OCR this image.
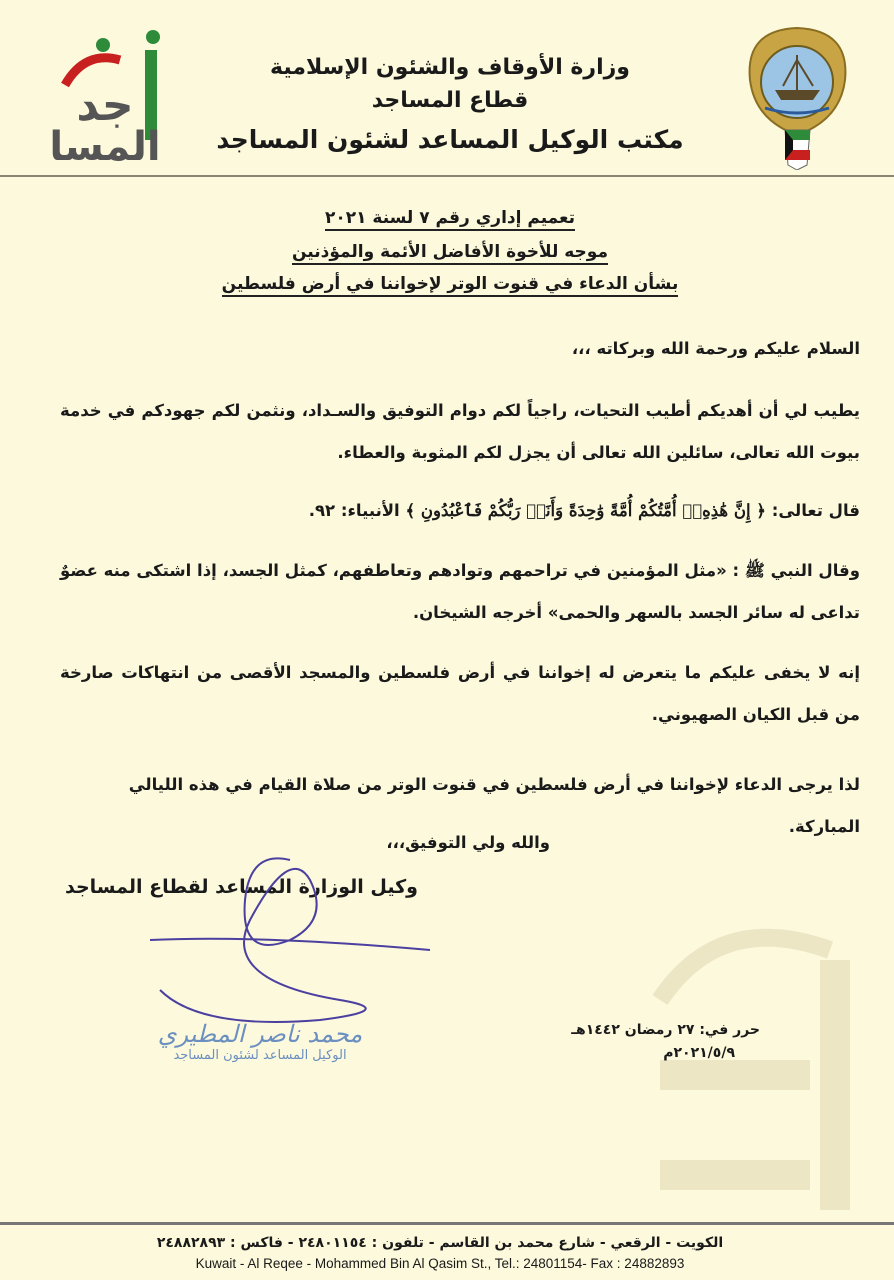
جد
المسا
وزارة الأوقاف والشئون الإسلامية
قطاع المساجد
مكتب الوكيل المساعد لشئون المساجد
تعميم إداري رقم ٧ لسنة ٢٠٢١
موجه للأخوة الأفاضل الأئمة والمؤذنين
بشأن الدعاء في قنوت الوتر لإخواننا في أرض فلسطين
السلام عليكم ورحمة الله وبركاته ،،،
يطيب لي أن أهديكم أطيب التحيات، راجياً لكم دوام التوفيق والسـداد، ونثمن لكم جهودكم في خدمة بيوت الله تعالى، سائلين الله تعالى أن يجزل لكم المثوبة والعطاء.
قال تعالى: ﴿ إِنَّ هَٰذِهِۦٓ أُمَّتُكُمْ أُمَّةً وَٰحِدَةً وَأَنَا۠ رَبُّكُمْ فَٱعْبُدُونِ ﴾ الأنبياء: ٩٢.
وقال النبي ﷺ : «مثل المؤمنين في تراحمهم وتوادهم وتعاطفهم، كمثل الجسد، إذا اشتكى منه عضوٌ تداعى له سائر الجسد بالسهر والحمى» أخرجه الشيخان.
إنه لا يخفى عليكم ما يتعرض له إخواننا في أرض فلسطين والمسجد الأقصى من انتهاكات صارخة من قبل الكيان الصهيوني.
لذا يرجى الدعاء لإخواننا في أرض فلسطين في قنوت الوتر من صلاة القيام في هذه الليالي المباركة.
والله ولي التوفيق،،،
وكيل الوزارة المساعد لقطاع المساجد
محمد ناصر المطيري
الوكيل المساعد لشئون المساجد
حرر في: ٢٧ رمضان ١٤٤٢هـ
٢٠٢١/٥/٩م
الكويت - الرقعي - شارع محمد بن القاسم - تلفون : ٢٤٨٠١١٥٤ - فاكس : ٢٤٨٨٢٨٩٣
Kuwait - Al Reqee - Mohammed Bin Al Qasim St., Tel.: 24801154- Fax : 24882893
